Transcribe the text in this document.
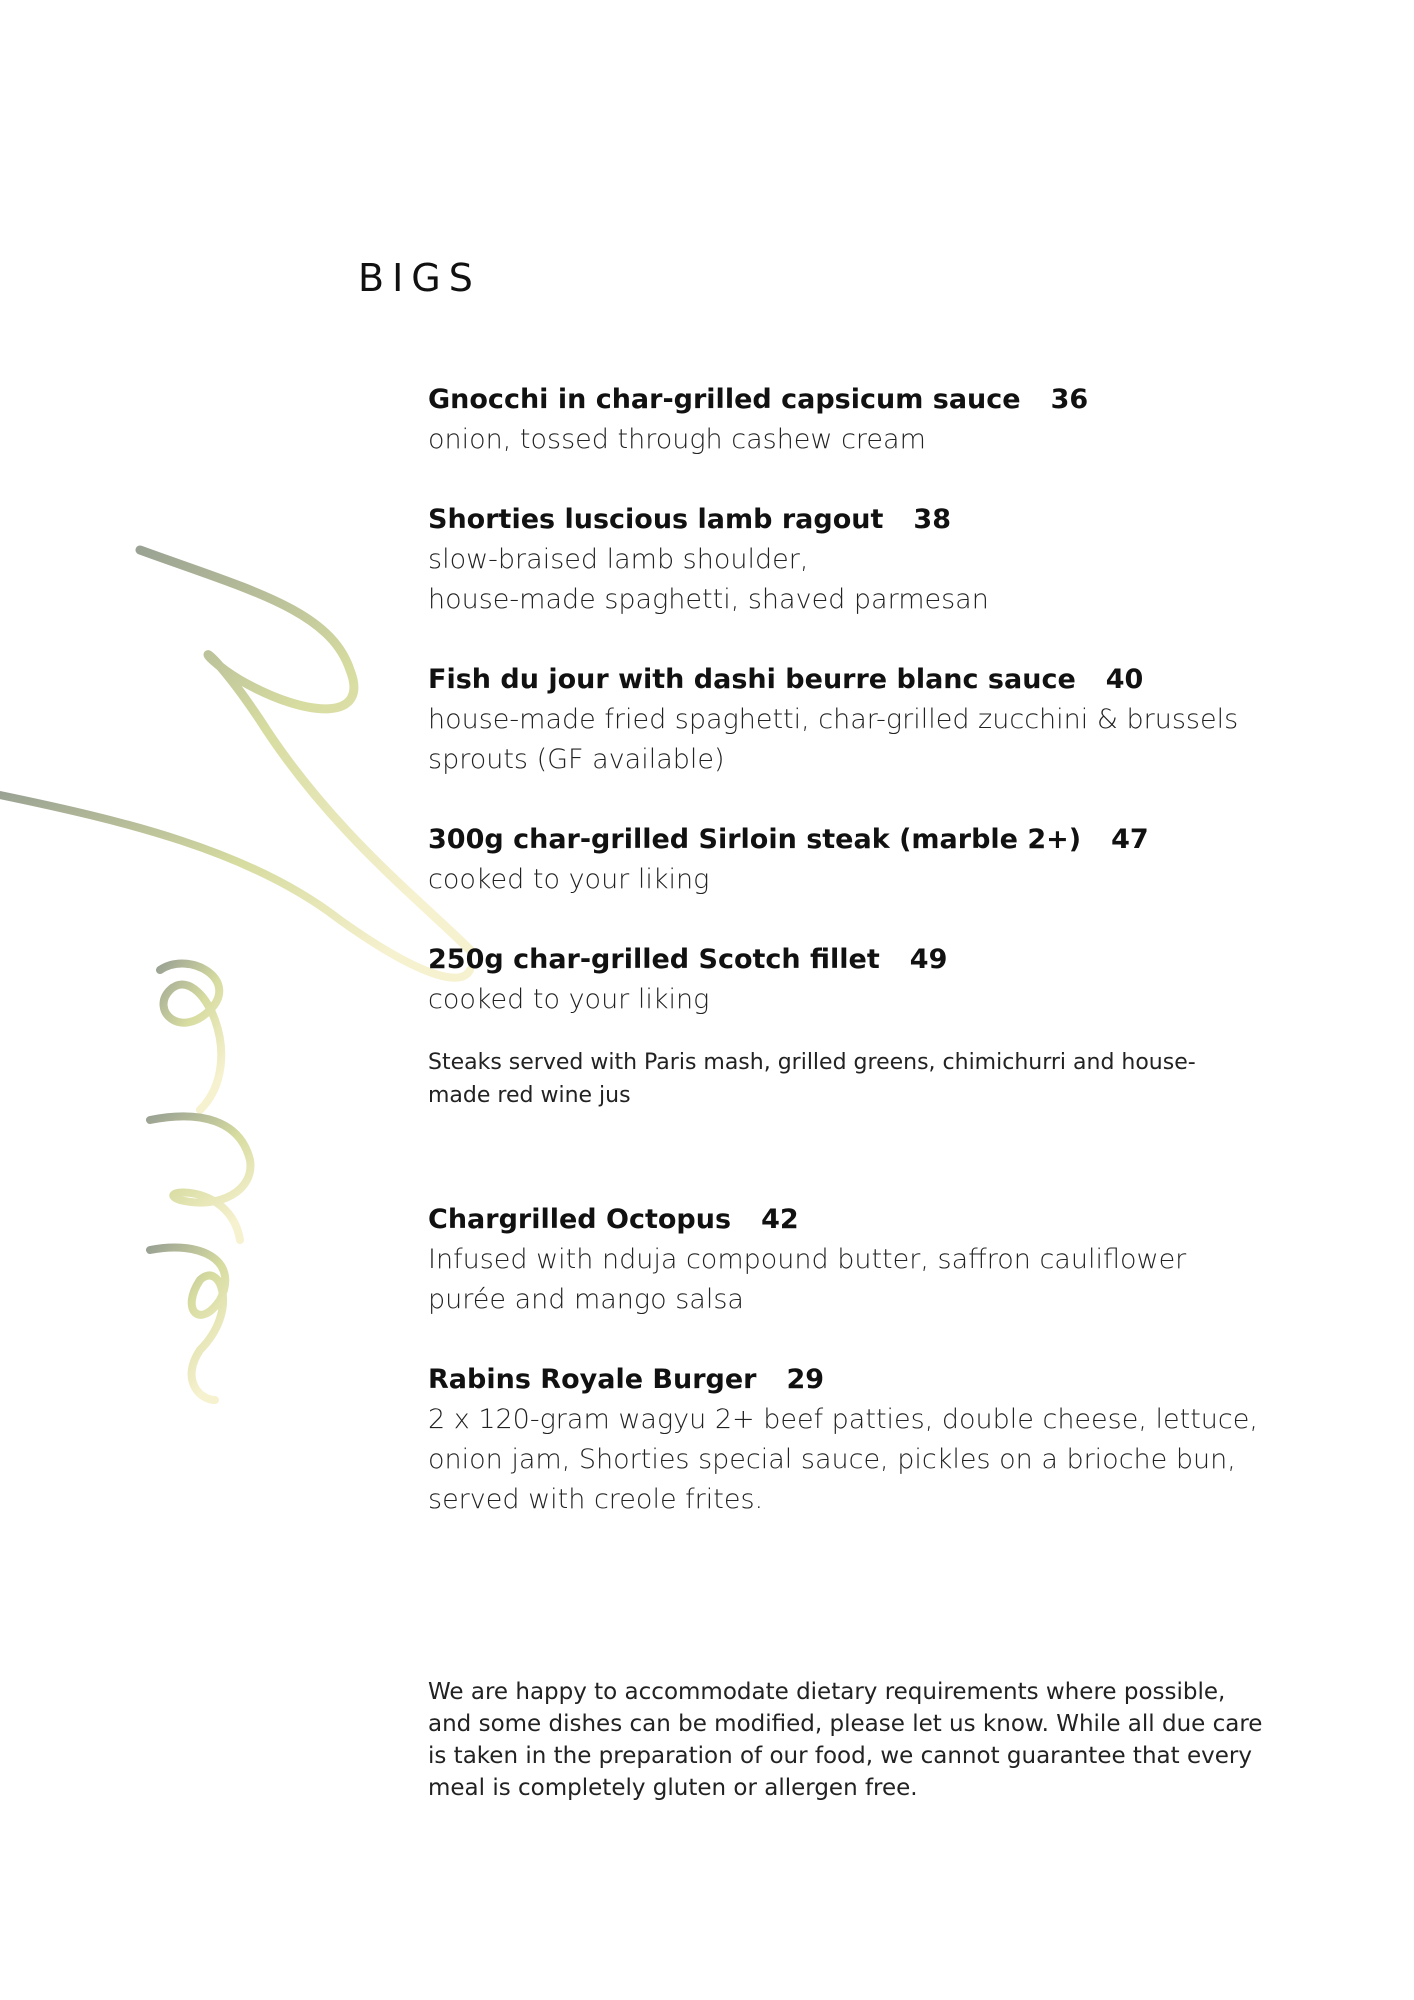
BIGS
Gnocchi in char-grilled capsicum sauce 36
onion, tossed through cashew cream
Shorties luscious lamb ragout 38
slow-braised lamb shoulder,
house-made spaghetti, shaved parmesan
Fish du jour with dashi beurre blanc sauce 40
house-made fried spaghetti, char-grilled zucchini & brussels
sprouts (GF available)
300g char-grilled Sirloin steak (marble 2+) 47
cooked to your liking
250g char-grilled Scotch fillet 49
cooked to your liking
Steaks served with Paris mash, grilled greens, chimichurri and house-
made red wine jus
Chargrilled Octopus 42
Infused with nduja compound butter, saffron cauliflower
purée and mango salsa
Rabins Royale Burger 29
2 x 120-gram wagyu 2+ beef patties, double cheese, lettuce,
onion jam, Shorties special sauce, pickles on a brioche bun,
served with creole frites.
We are happy to accommodate dietary requirements where possible,
and some dishes can be modified, please let us know. While all due care
is taken in the preparation of our food, we cannot guarantee that every
meal is completely gluten or allergen free.
